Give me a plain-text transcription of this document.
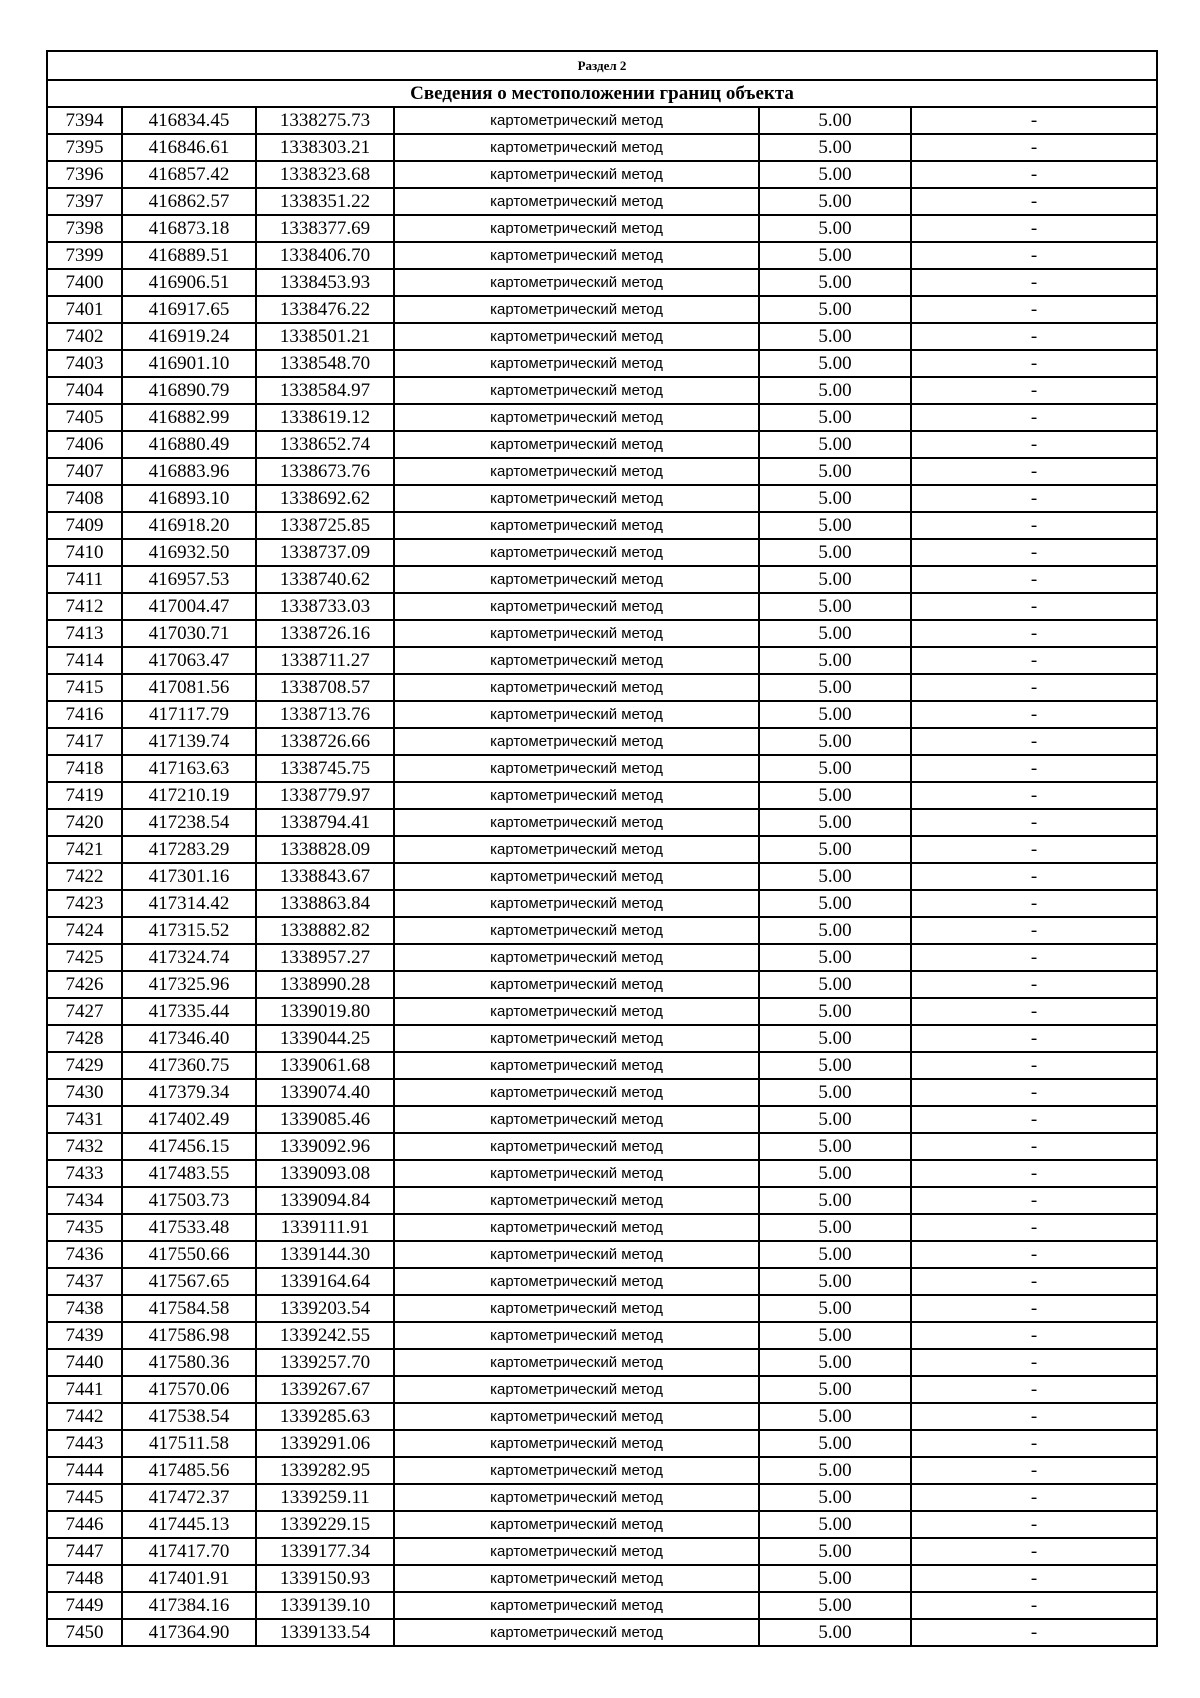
Раздел 2					
Сведения о местоположении границ объекта					
7394	416834.45	1338275.73	картометрический метод	5.00	-
7395	416846.61	1338303.21	картометрический метод	5.00	-
7396	416857.42	1338323.68	картометрический метод	5.00	-
7397	416862.57	1338351.22	картометрический метод	5.00	-
7398	416873.18	1338377.69	картометрический метод	5.00	-
7399	416889.51	1338406.70	картометрический метод	5.00	-
7400	416906.51	1338453.93	картометрический метод	5.00	-
7401	416917.65	1338476.22	картометрический метод	5.00	-
7402	416919.24	1338501.21	картометрический метод	5.00	-
7403	416901.10	1338548.70	картометрический метод	5.00	-
7404	416890.79	1338584.97	картометрический метод	5.00	-
7405	416882.99	1338619.12	картометрический метод	5.00	-
7406	416880.49	1338652.74	картометрический метод	5.00	-
7407	416883.96	1338673.76	картометрический метод	5.00	-
7408	416893.10	1338692.62	картометрический метод	5.00	-
7409	416918.20	1338725.85	картометрический метод	5.00	-
7410	416932.50	1338737.09	картометрический метод	5.00	-
7411	416957.53	1338740.62	картометрический метод	5.00	-
7412	417004.47	1338733.03	картометрический метод	5.00	-
7413	417030.71	1338726.16	картометрический метод	5.00	-
7414	417063.47	1338711.27	картометрический метод	5.00	-
7415	417081.56	1338708.57	картометрический метод	5.00	-
7416	417117.79	1338713.76	картометрический метод	5.00	-
7417	417139.74	1338726.66	картометрический метод	5.00	-
7418	417163.63	1338745.75	картометрический метод	5.00	-
7419	417210.19	1338779.97	картометрический метод	5.00	-
7420	417238.54	1338794.41	картометрический метод	5.00	-
7421	417283.29	1338828.09	картометрический метод	5.00	-
7422	417301.16	1338843.67	картометрический метод	5.00	-
7423	417314.42	1338863.84	картометрический метод	5.00	-
7424	417315.52	1338882.82	картометрический метод	5.00	-
7425	417324.74	1338957.27	картометрический метод	5.00	-
7426	417325.96	1338990.28	картометрический метод	5.00	-
7427	417335.44	1339019.80	картометрический метод	5.00	-
7428	417346.40	1339044.25	картометрический метод	5.00	-
7429	417360.75	1339061.68	картометрический метод	5.00	-
7430	417379.34	1339074.40	картометрический метод	5.00	-
7431	417402.49	1339085.46	картометрический метод	5.00	-
7432	417456.15	1339092.96	картометрический метод	5.00	-
7433	417483.55	1339093.08	картометрический метод	5.00	-
7434	417503.73	1339094.84	картометрический метод	5.00	-
7435	417533.48	1339111.91	картометрический метод	5.00	-
7436	417550.66	1339144.30	картометрический метод	5.00	-
7437	417567.65	1339164.64	картометрический метод	5.00	-
7438	417584.58	1339203.54	картометрический метод	5.00	-
7439	417586.98	1339242.55	картометрический метод	5.00	-
7440	417580.36	1339257.70	картометрический метод	5.00	-
7441	417570.06	1339267.67	картометрический метод	5.00	-
7442	417538.54	1339285.63	картометрический метод	5.00	-
7443	417511.58	1339291.06	картометрический метод	5.00	-
7444	417485.56	1339282.95	картометрический метод	5.00	-
7445	417472.37	1339259.11	картометрический метод	5.00	-
7446	417445.13	1339229.15	картометрический метод	5.00	-
7447	417417.70	1339177.34	картометрический метод	5.00	-
7448	417401.91	1339150.93	картометрический метод	5.00	-
7449	417384.16	1339139.10	картометрический метод	5.00	-
7450	417364.90	1339133.54	картометрический метод	5.00	-
